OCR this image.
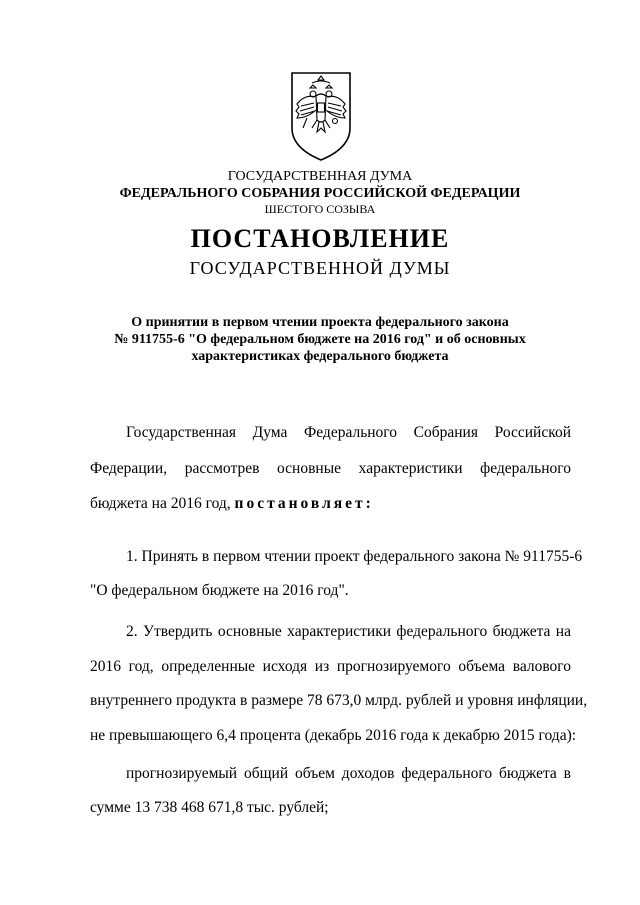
ГОСУДАРСТВЕННАЯ ДУМА
ФЕДЕРАЛЬНОГО СОБРАНИЯ РОССИЙСКОЙ ФЕДЕРАЦИИ
ШЕСТОГО СОЗЫВА
ПОСТАНОВЛЕНИЕ
ГОСУДАРСТВЕННОЙ ДУМЫ
О принятии в первом чтении проекта федерального закона
№ 911755-6 "О федеральном бюджете на 2016 год" и об основных
характеристиках федерального бюджета
Государственная Дума Федерального Собрания Российской
Федерации, рассмотрев основные характеристики федерального
бюджета на 2016 год, постановляет:
1. Принять в первом чтении проект федерального закона № 911755-6
"О федеральном бюджете на 2016 год".
2. Утвердить основные характеристики федерального бюджета на
2016 год, определенные исходя из прогнозируемого объема валового
внутреннего продукта в размере 78 673,0 млрд. рублей и уровня инфляции,
не превышающего 6,4 процента (декабрь 2016 года к декабрю 2015 года):
прогнозируемый общий объем доходов федерального бюджета в
сумме 13 738 468 671,8 тыс. рублей;
